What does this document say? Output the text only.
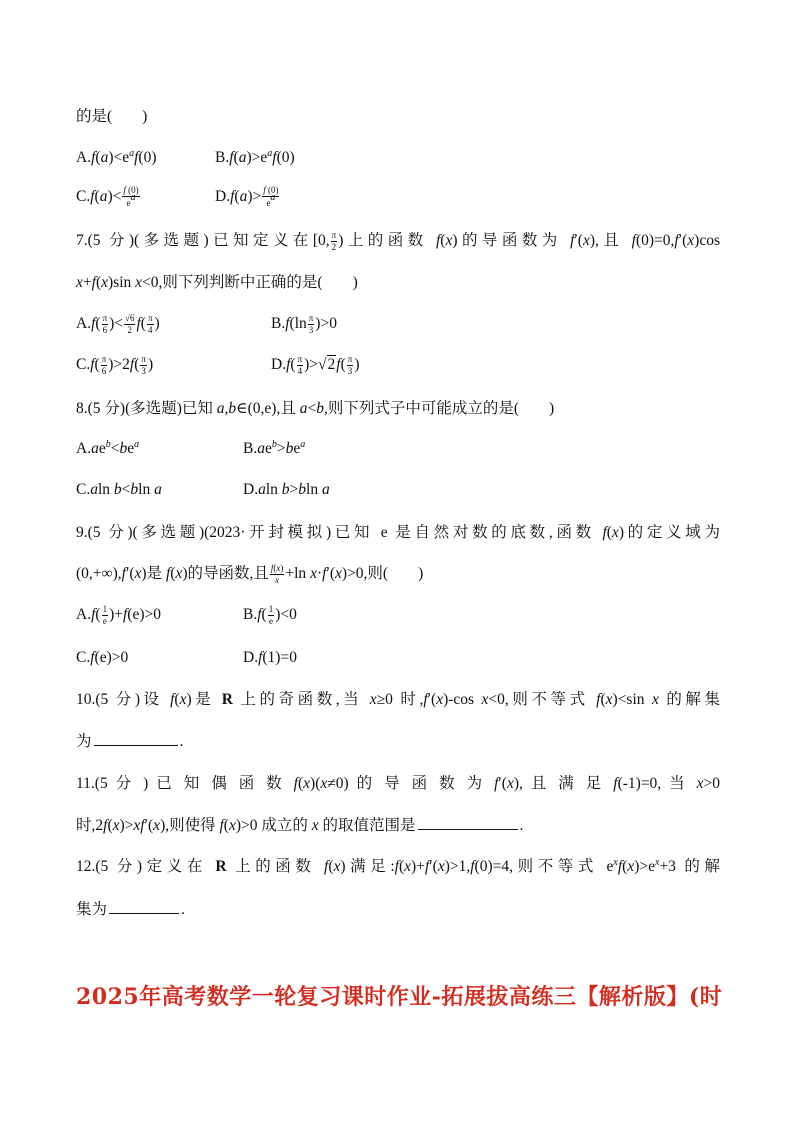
的是( )
$A.f(a)<e^af(0)$	$B.f(a)>e^af(0)$
$C.f(a)< \frac{f (0)}{e^a}$	$D.f(a)> \frac{f (0)}{e^a}$
7.(5 分)(多选题)已知定义在[0, $\frac{\pi}{2}$ )上的函数 f(x)的导函数为 f′(x),且 f(0)=0,f′(x)cos
x+f(x)sin x<0,则下列判断中正确的是( )
$A.f( \frac{\pi}{6}$ )< $\frac{√6}{2} f( \frac{\pi}{4}$ )	$B.f(\ln \frac{\pi}{3} )>0$
$C.f( \frac{\pi}{6} )>2f( \frac{\pi}{3}$ )	$D.f( \frac{\pi}{4} )>√2f( \frac{\pi}{3}$ )
8.(5 分)(多选题)已知 a,b∈(0,e),且 a<b,则下列式子中可能成立的是( )
$A.ae^b<be^a$	$B.ae^b>be^a$
C.aln b<bln a	D.aln b>bln a
9.(5 分)(多选题)(2023·开封模拟)已知 e 是自然对数的底数,函数 f(x)的定义域为
(0,+∞),f′(x)是 f(x)的导函数,且 $\frac{f(x)}{x} +\ln$ x·f′(x)>0,则( )
$A.f( \frac{1}{e} )+f(e)>0$	$B.f( \frac{1}{e} )<0$
C.f(e)>0	D.f(1)=0
10.(5 分)设 f(x)是 R 上的奇函数,当 x≥0 时,f′(x)-cos x<0,则不等式 f(x)<sin x 的解集
为	.
11.(5 分 ) 已 知 偶 函 数 f(x)(x≠0) 的 导 函 数 为 f′(x), 且 满 足 f(-1)=0, 当 x>0
时,2f(x)>xf′(x),则使得 f(x)>0 成立的 x 的取值范围是	.
12.(5 分)定义在 R 上的函数 f(x)满足:f(x)+f′(x)>1,f(0)=4,则不等式 $e^xf(x)>e^x+3$ 的解
集为	.
2025年高考数学一轮复习课时作业-拓展拔高练三【解析版】(时
